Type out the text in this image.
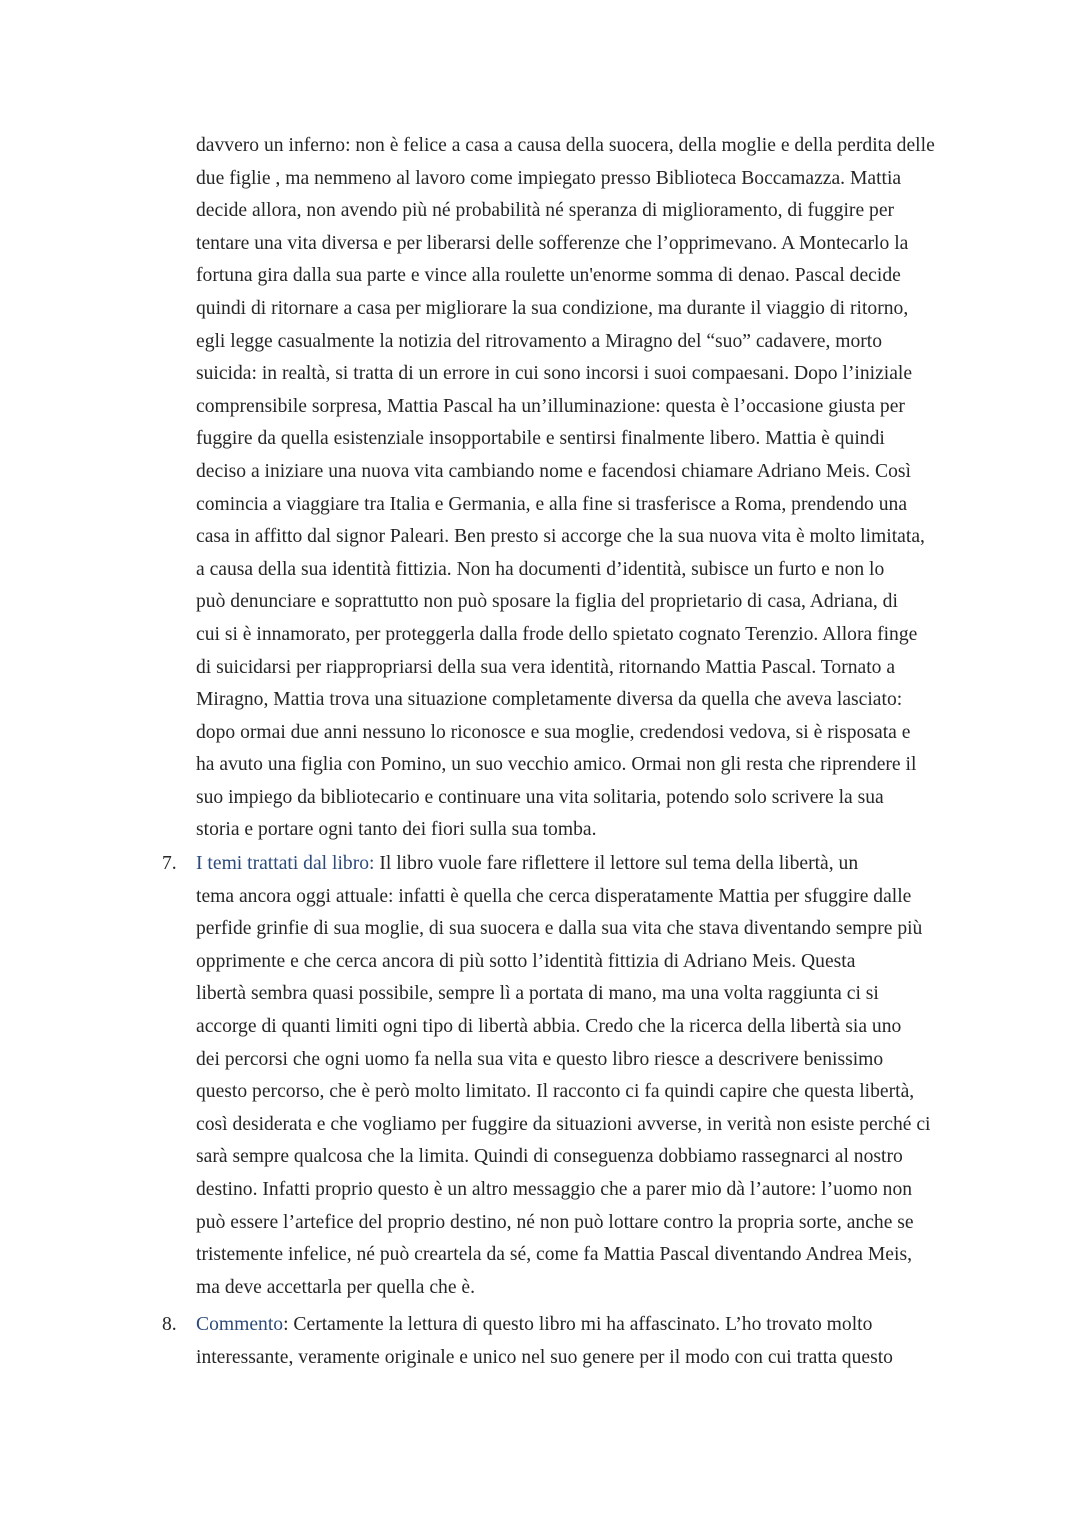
davvero un inferno: non è felice a casa a causa della suocera, della moglie e della perdita delle
due figlie , ma nemmeno al lavoro come impiegato presso Biblioteca Boccamazza. Mattia
decide allora, non avendo più né probabilità né speranza di miglioramento, di fuggire per
tentare una vita diversa e per liberarsi delle sofferenze che l’opprimevano. A Montecarlo la
fortuna gira dalla sua parte e vince alla roulette un'enorme somma di denao. Pascal decide
quindi di ritornare a casa per migliorare la sua condizione, ma durante il viaggio di ritorno,
egli legge casualmente la notizia del ritrovamento a Miragno del “suo” cadavere, morto
suicida: in realtà, si tratta di un errore in cui sono incorsi i suoi compaesani. Dopo l’iniziale
comprensibile sorpresa, Mattia Pascal ha un’illuminazione: questa è l’occasione giusta per
fuggire da quella esistenziale insopportabile e sentirsi finalmente libero. Mattia è quindi
deciso a iniziare una nuova vita cambiando nome e facendosi chiamare Adriano Meis. Così
comincia a viaggiare tra Italia e Germania, e alla fine si trasferisce a Roma, prendendo una
casa in affitto dal signor Paleari. Ben presto si accorge che la sua nuova vita è molto limitata,
a causa della sua identità fittizia. Non ha documenti d’identità, subisce un furto e non lo
può denunciare e soprattutto non può sposare la figlia del proprietario di casa, Adriana, di
cui si è innamorato, per proteggerla dalla frode dello spietato cognato Terenzio. Allora finge
di suicidarsi per riappropriarsi della sua vera identità, ritornando Mattia Pascal. Tornato a
Miragno, Mattia trova una situazione completamente diversa da quella che aveva lasciato:
dopo ormai due anni nessuno lo riconosce e sua moglie, credendosi vedova, si è risposata e
ha avuto una figlia con Pomino, un suo vecchio amico. Ormai non gli resta che riprendere il
suo impiego da bibliotecario e continuare una vita solitaria, potendo solo scrivere la sua
storia e portare ogni tanto dei fiori sulla sua tomba.
7. I temi trattati dal libro: Il libro vuole fare riflettere il lettore sul tema della libertà, un
tema ancora oggi attuale: infatti è quella che cerca disperatamente Mattia per sfuggire dalle
perfide grinfie di sua moglie, di sua suocera e dalla sua vita che stava diventando sempre più
opprimente e che cerca ancora di più sotto l’identità fittizia di Adriano Meis. Questa
libertà sembra quasi possibile, sempre lì a portata di mano, ma una volta raggiunta ci si
accorge di quanti limiti ogni tipo di libertà abbia. Credo che la ricerca della libertà sia uno
dei percorsi che ogni uomo fa nella sua vita e questo libro riesce a descrivere benissimo
questo percorso, che è però molto limitato. Il racconto ci fa quindi capire che questa libertà,
così desiderata e che vogliamo per fuggire da situazioni avverse, in verità non esiste perché ci
sarà sempre qualcosa che la limita. Quindi di conseguenza dobbiamo rassegnarci al nostro
destino. Infatti proprio questo è un altro messaggio che a parer mio dà l’autore: l’uomo non
può essere l’artefice del proprio destino, né non può lottare contro la propria sorte, anche se
tristemente infelice, né può creartela da sé, come fa Mattia Pascal diventando Andrea Meis,
ma deve accettarla per quella che è.
8. Commento: Certamente la lettura di questo libro mi ha affascinato. L’ho trovato molto
interessante, veramente originale e unico nel suo genere per il modo con cui tratta questo
